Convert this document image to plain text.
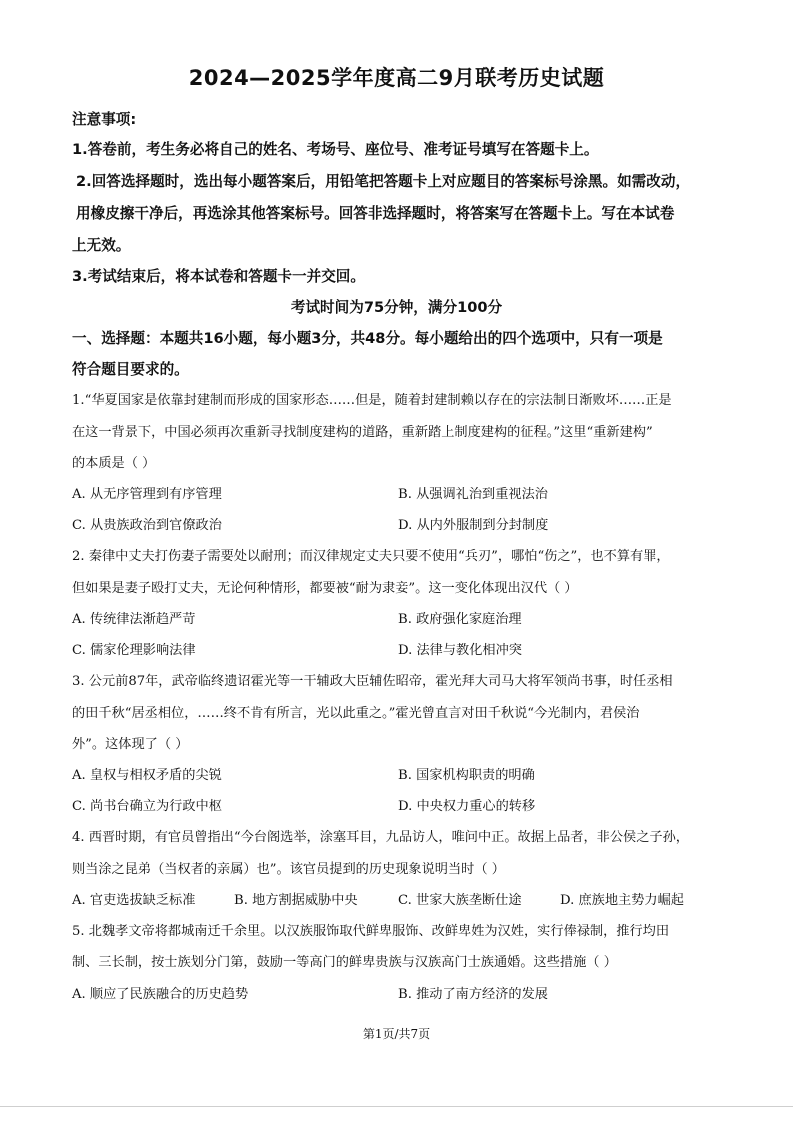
2024—2025学年度高二9月联考历史试题
注意事项:
1.答卷前，考生务必将自己的姓名、考场号、座位号、准考证号填写在答题卡上。
2.回答选择题时，选出每小题答案后，用铅笔把答题卡上对应题目的答案标号涂黑。如需改动，
用橡皮擦干净后，再选涂其他答案标号。回答非选择题时，将答案写在答题卡上。写在本试卷
上无效。
3.考试结束后，将本试卷和答题卡一并交回。
考试时间为75分钟，满分100分
一、选择题：本题共16小题，每小题3分，共48分。每小题给出的四个选项中，只有一项是
符合题目要求的。
1.“华夏国家是依靠封建制而形成的国家形态……但是，随着封建制赖以存在的宗法制日渐败坏……正是
在这一背景下，中国必须再次重新寻找制度建构的道路，重新踏上制度建构的征程。”这里“重新建构”
的本质是（ ）
A. 从无序管理到有序管理	B. 从强调礼治到重视法治
C. 从贵族政治到官僚政治	D. 从内外服制到分封制度
2. 秦律中丈夫打伤妻子需要处以耐刑；而汉律规定丈夫只要不使用“兵刃”，哪怕“伤之”，也不算有罪，
但如果是妻子殴打丈夫，无论何种情形，都要被“耐为隶妾”。这一变化体现出汉代（ ）
A. 传统律法渐趋严苛	B. 政府强化家庭治理
C. 儒家伦理影响法律	D. 法律与教化相冲突
3. 公元前87年，武帝临终遗诏霍光等一干辅政大臣辅佐昭帝，霍光拜大司马大将军领尚书事，时任丞相
的田千秋“居丞相位，……终不肯有所言，光以此重之。”霍光曾直言对田千秋说“今光制内，君侯治
外”。这体现了（ ）
A. 皇权与相权矛盾的尖锐	B. 国家机构职责的明确
C. 尚书台确立为行政中枢	D. 中央权力重心的转移
4. 西晋时期，有官员曾指出“今台阁选举，涂塞耳目，九品访人，唯问中正。故据上品者，非公侯之子孙，
则当涂之昆弟（当权者的亲属）也”。该官员提到的历史现象说明当时（ ）
A. 官吏选拔缺乏标准	B. 地方割据威胁中央	C. 世家大族垄断仕途	D. 庶族地主势力崛起
5. 北魏孝文帝将都城南迁千余里。以汉族服饰取代鲜卑服饰、改鲜卑姓为汉姓，实行俸禄制，推行均田
制、三长制，按士族划分门第，鼓励一等高门的鲜卑贵族与汉族高门士族通婚。这些措施（ ）
A. 顺应了民族融合的历史趋势	B. 推动了南方经济的发展
第1页/共7页
